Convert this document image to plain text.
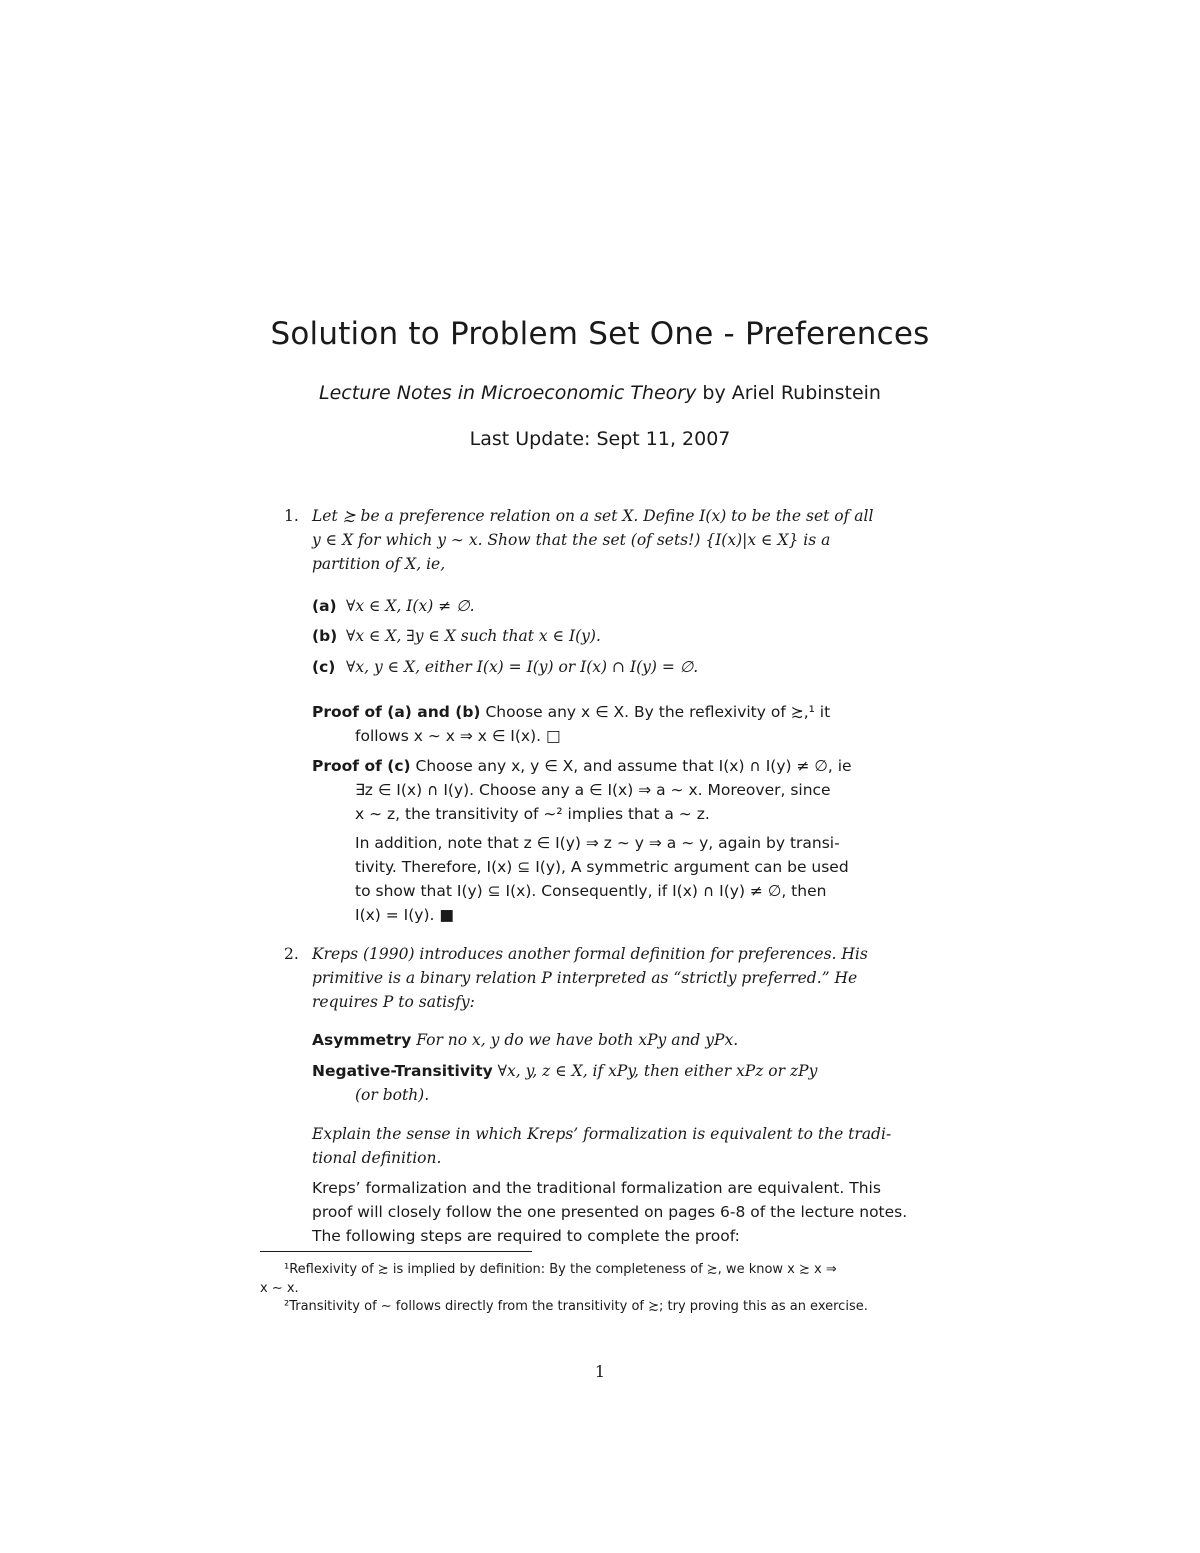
Solution to Problem Set One - Preferences
Lecture Notes in Microeconomic Theory by Ariel Rubinstein
Last Update: Sept 11, 2007
1. Let ≿ be a preference relation on a set X. Define I(x) to be the set of all

y ∈ X for which y ∼ x. Show that the set (of sets!) {I(x)|x ∈ X} is a

partition of X, ie,

(a) ∀x ∈ X, I(x) ≠ ∅.
(b) ∀x ∈ X, ∃y ∈ X such that x ∈ I(y).
(c) ∀x, y ∈ X, either I(x) = I(y) or I(x) ∩ I(y) = ∅.

Proof of (a) and (b) Choose any x ∈ X. By the reflexivity of ≿,¹ it

follows x ∼ x ⇒ x ∈ I(x). □

Proof of (c) Choose any x, y ∈ X, and assume that I(x) ∩ I(y) ≠ ∅, ie

∃z ∈ I(x) ∩ I(y). Choose any a ∈ I(x) ⇒ a ∼ x. Moreover, since

x ∼ z, the transitivity of ∼² implies that a ∼ z.

In addition, note that z ∈ I(y) ⇒ z ∼ y ⇒ a ∼ y, again by transi-

tivity. Therefore, I(x) ⊆ I(y), A symmetric argument can be used

to show that I(y) ⊆ I(x). Consequently, if I(x) ∩ I(y) ≠ ∅, then

I(x) = I(y). ■

2. Kreps (1990) introduces another formal definition for preferences. His

primitive is a binary relation P interpreted as “strictly preferred.” He

requires P to satisfy:

Asymmetry For no x, y do we have both xPy and yPx.
Negative-Transitivity ∀x, y, z ∈ X, if xPy, then either xPz or zPy
(or both).

Explain the sense in which Kreps’ formalization is equivalent to the tradi-

tional definition.

Kreps’ formalization and the traditional formalization are equivalent. This

proof will closely follow the one presented on pages 6-8 of the lecture notes.

The following steps are required to complete the proof:

¹Reflexivity of ≿ is implied by definition: By the completeness of ≿, we know x ≿ x ⇒

x ∼ x.

²Transitivity of ∼ follows directly from the transitivity of ≿; try proving this as an exercise.

1
